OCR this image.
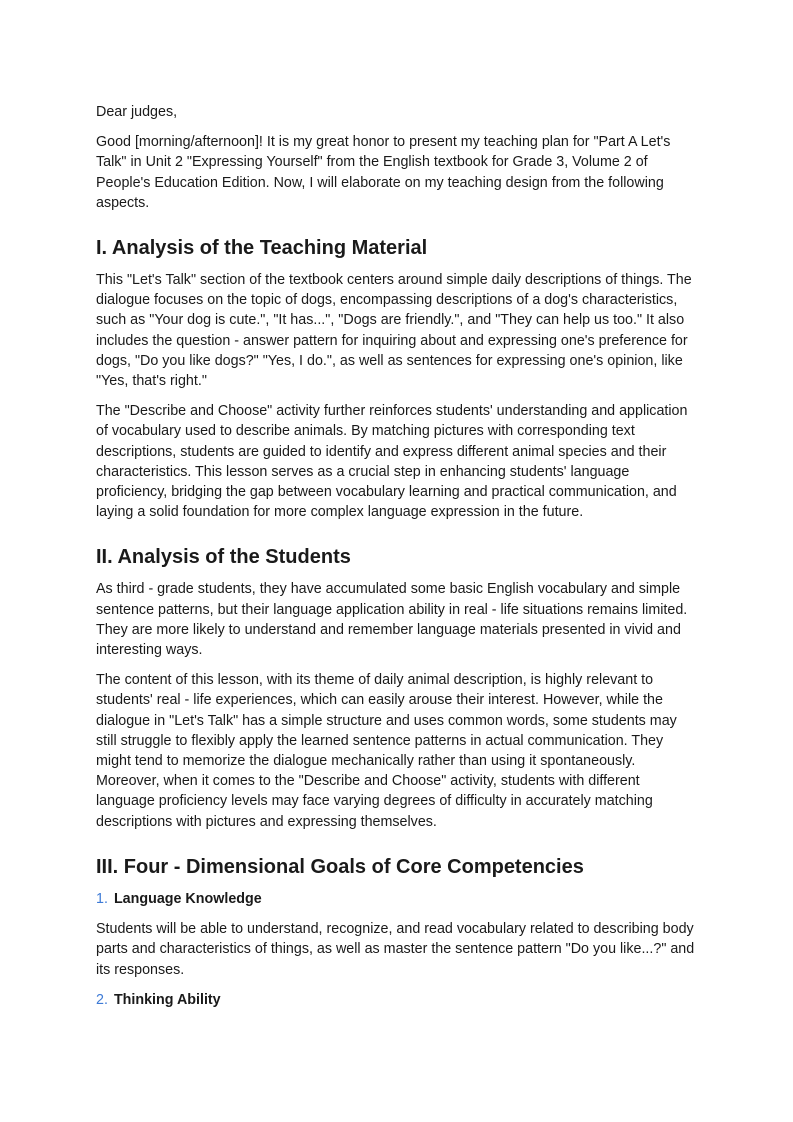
Dear judges,

Good [morning/afternoon]! It is my great honor to present my teaching plan for "Part A Let's Talk" in Unit 2 "Expressing Yourself" from the English textbook for Grade 3, Volume 2 of People's Education Edition. Now, I will elaborate on my teaching design from the following aspects.

I. Analysis of the Teaching Material

This "Let's Talk" section of the textbook centers around simple daily descriptions of things. The dialogue focuses on the topic of dogs, encompassing descriptions of a dog's characteristics, such as "Your dog is cute.", "It has...", "Dogs are friendly.", and "They can help us too." It also includes the question - answer pattern for inquiring about and expressing one's preference for dogs, "Do you like dogs?" "Yes, I do.", as well as sentences for expressing one's opinion, like "Yes, that's right."

The "Describe and Choose" activity further reinforces students' understanding and application of vocabulary used to describe animals. By matching pictures with corresponding text descriptions, students are guided to identify and express different animal species and their characteristics. This lesson serves as a crucial step in enhancing students' language proficiency, bridging the gap between vocabulary learning and practical communication, and laying a solid foundation for more complex language expression in the future.

II. Analysis of the Students

As third - grade students, they have accumulated some basic English vocabulary and simple sentence patterns, but their language application ability in real - life situations remains limited. They are more likely to understand and remember language materials presented in vivid and interesting ways.

The content of this lesson, with its theme of daily animal description, is highly relevant to students' real - life experiences, which can easily arouse their interest. However, while the dialogue in "Let's Talk" has a simple structure and uses common words, some students may still struggle to flexibly apply the learned sentence patterns in actual communication. They might tend to memorize the dialogue mechanically rather than using it spontaneously. Moreover, when it comes to the "Describe and Choose" activity, students with different language proficiency levels may face varying degrees of difficulty in accurately matching descriptions with pictures and expressing themselves.

III. Four - Dimensional Goals of Core Competencies
1. Language Knowledge

Students will be able to understand, recognize, and read vocabulary related to describing body parts and characteristics of things, as well as master the sentence pattern "Do you like...?" and its responses.

2. Thinking Ability
